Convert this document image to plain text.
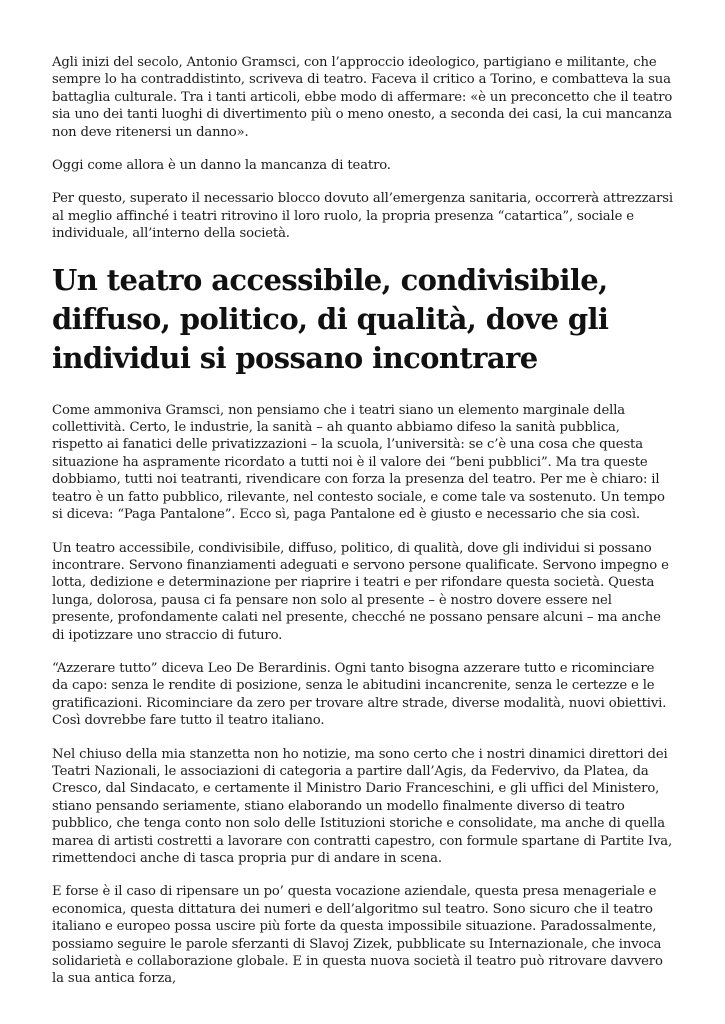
Agli inizi del secolo, Antonio Gramsci, con l’approccio ideologico, partigiano e militante, che sempre lo ha contraddistinto, scriveva di teatro. Faceva il critico a Torino, e combatteva la sua battaglia culturale. Tra i tanti articoli, ebbe modo di affermare: «è un preconcetto che il teatro sia uno dei tanti luoghi di divertimento più o meno onesto, a seconda dei casi, la cui mancanza non deve ritenersi un danno».

Oggi come allora è un danno la mancanza di teatro.

Per questo, superato il necessario blocco dovuto all’emergenza sanitaria, occorrerà attrezzarsi al meglio affinché i teatri ritrovino il loro ruolo, la propria presenza “catartica”, sociale e individuale, all’interno della società.

Un teatro accessibile, condivisibile, diffuso, politico, di qualità, dove gli individui si possano incontrare

Come ammoniva Gramsci, non pensiamo che i teatri siano un elemento marginale della collettività. Certo, le industrie, la sanità – ah quanto abbiamo difeso la sanità pubblica, rispetto ai fanatici delle privatizzazioni – la scuola, l’università: se c’è una cosa che questa situazione ha aspramente ricordato a tutti noi è il valore dei “beni pubblici”. Ma tra queste dobbiamo, tutti noi teatranti, rivendicare con forza la presenza del teatro. Per me è chiaro: il teatro è un fatto pubblico, rilevante, nel contesto sociale, e come tale va sostenuto. Un tempo si diceva: “Paga Pantalone”. Ecco sì, paga Pantalone ed è giusto e necessario che sia così.

Un teatro accessibile, condivisibile, diffuso, politico, di qualità, dove gli individui si possano incontrare. Servono finanziamenti adeguati e servono persone qualificate. Servono impegno e lotta, dedizione e determinazione per riaprire i teatri e per rifondare questa società. Questa lunga, dolorosa, pausa ci fa pensare non solo al presente – è nostro dovere essere nel presente, profondamente calati nel presente, checché ne possano pensare alcuni – ma anche di ipotizzare uno straccio di futuro.

“Azzerare tutto” diceva Leo De Berardinis. Ogni tanto bisogna azzerare tutto e ricominciare da capo: senza le rendite di posizione, senza le abitudini incancrenite, senza le certezze e le gratificazioni. Ricominciare da zero per trovare altre strade, diverse modalità, nuovi obiettivi. Così dovrebbe fare tutto il teatro italiano.

Nel chiuso della mia stanzetta non ho notizie, ma sono certo che i nostri dinamici direttori dei Teatri Nazionali, le associazioni di categoria a partire dall’Agis, da Federvivo, da Platea, da Cresco, dal Sindacato, e certamente il Ministro Dario Franceschini, e gli uffici del Ministero, stiano pensando seriamente, stiano elaborando un modello finalmente diverso di teatro pubblico, che tenga conto non solo delle Istituzioni storiche e consolidate, ma anche di quella marea di artisti costretti a lavorare con contratti capestro, con formule spartane di Partite Iva, rimettendoci anche di tasca propria pur di andare in scena.

E forse è il caso di ripensare un po’ questa vocazione aziendale, questa presa menageriale e economica, questa dittatura dei numeri e dell’algoritmo sul teatro. Sono sicuro che il teatro italiano e europeo possa uscire più forte da questa impossibile situazione. Paradossalmente, possiamo seguire le parole sferzanti di Slavoj Zizek, pubblicate su Internazionale, che invoca solidarietà e collaborazione globale. E in questa nuova società il teatro può ritrovare davvero la sua antica forza,
